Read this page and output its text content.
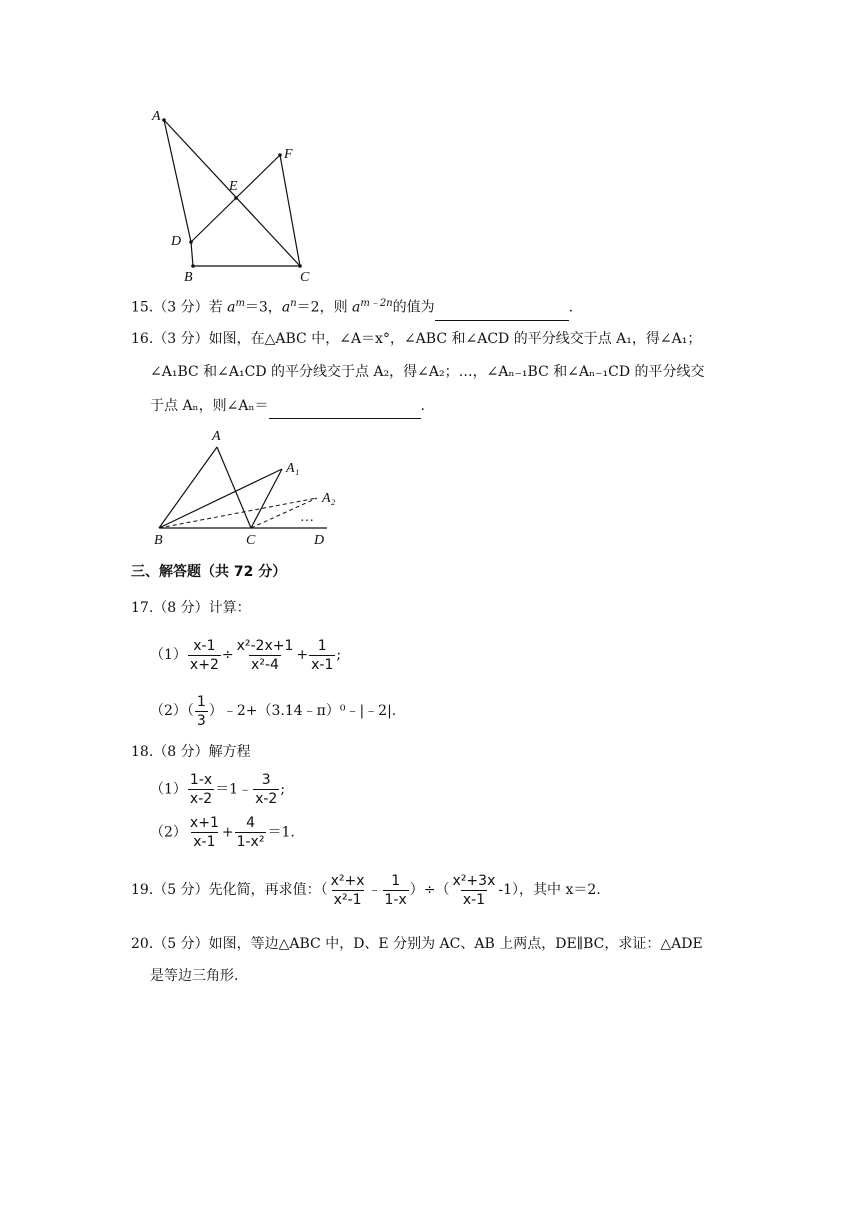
A
F
E
D
B	C
15.（3 分）若 $a^m=3$，$a^n=2$，则 $a^{m﹣2n}$的值为	.
16.（3 分）如图，在△ABC 中，∠A＝x°，∠ABC 和∠ACD 的平分线交于点 A₁，得∠A₁；
∠A₁BC 和∠A₁CD 的平分线交于点 A₂，得∠A₂；…，∠Aₙ₋₁BC 和∠Aₙ₋₁CD 的平分线交
于点 Aₙ，则∠Aₙ＝	.
A
A₁
A₂
…
B	C	D
三、解答题（共 72 分）
17.（8 分）计算：
$(1) \frac{x-1}{x+2} \div \frac{\text{x²-2x+1}}{\text{x²-4}} + \frac{1}{x-1}$ ;
$(2)( \frac{1}{3}$ ）﹣2+（3.14﹣π）⁰﹣|﹣2|.
18.（8 分）解方程
$(1) \frac{1-x}{x-2}$ ＝1﹣ $\frac{3}{x-2}$ ;
$(2) \frac{x+1}{x-1} + \frac{4}{\text{1-x²}} =1$.
19.（5 分）先化简，再求值：（ $\frac{\text{x²+x}}{\text{x²-1}}$ ﹣ $\frac{1}{1-x}$ ）÷（ $\frac{\text{x²+3x}}{x-1} -1$），其中 x＝2.
20.（5 分）如图，等边△ABC 中，D、E 分别为 AC、AB 上两点，DE∥BC，求证：△ADE
是等边三角形.
